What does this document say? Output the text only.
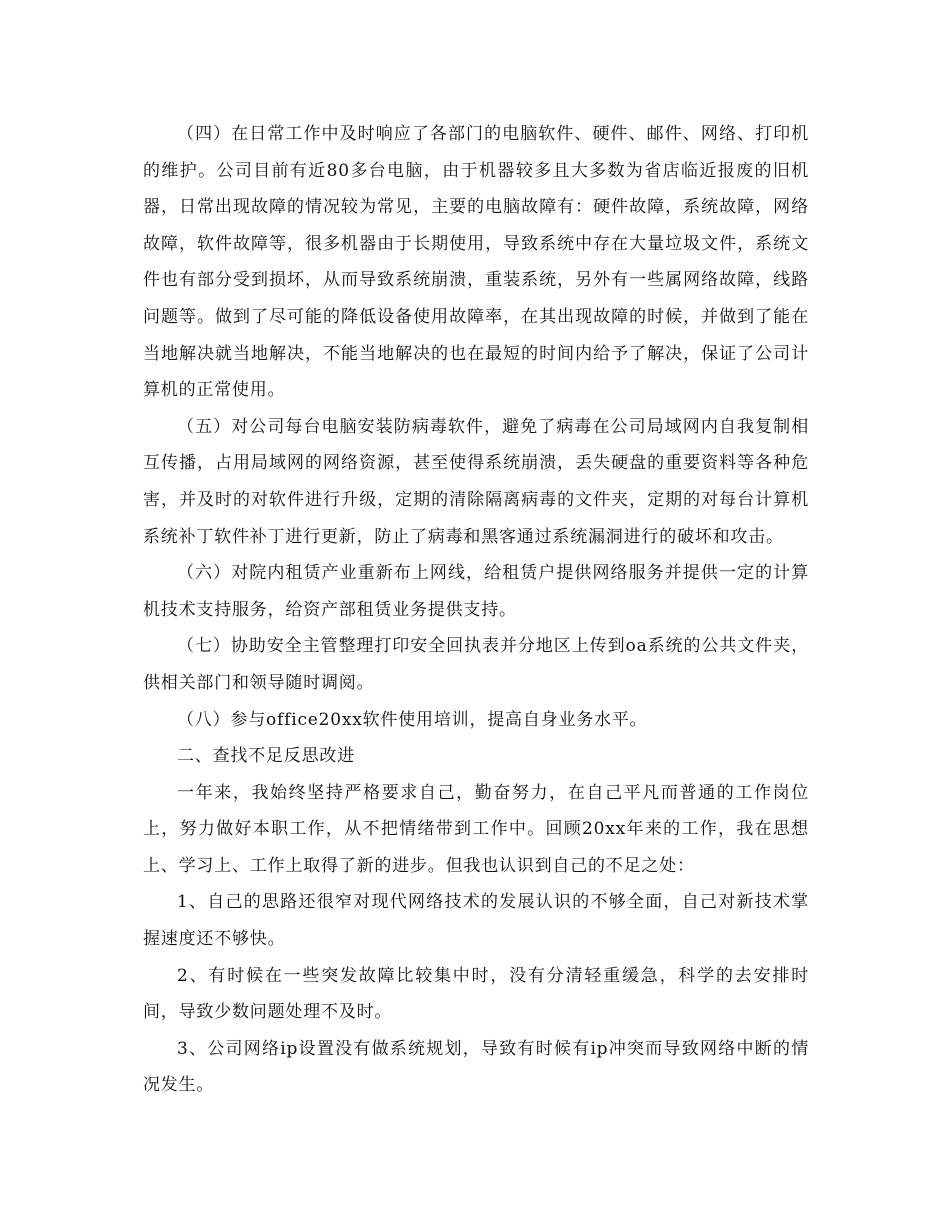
（四）在日常工作中及时响应了各部门的电脑软件、硬件、邮件、网络、打印机的维护。公司目前有近80多台电脑，由于机器较多且大多数为省店临近报废的旧机器，日常出现故障的情况较为常见，主要的电脑故障有：硬件故障，系统故障，网络故障，软件故障等，很多机器由于长期使用，导致系统中存在大量垃圾文件，系统文件也有部分受到损坏，从而导致系统崩溃，重装系统，另外有一些属网络故障，线路问题等。做到了尽可能的降低设备使用故障率，在其出现故障的时候，并做到了能在当地解决就当地解决，不能当地解决的也在最短的时间内给予了解决，保证了公司计算机的正常使用。

（五）对公司每台电脑安装防病毒软件，避免了病毒在公司局域网内自我复制相互传播，占用局域网的网络资源，甚至使得系统崩溃，丢失硬盘的重要资料等各种危害，并及时的对软件进行升级，定期的清除隔离病毒的文件夹，定期的对每台计算机系统补丁软件补丁进行更新，防止了病毒和黑客通过系统漏洞进行的破坏和攻击。

（六）对院内租赁产业重新布上网线，给租赁户提供网络服务并提供一定的计算机技术支持服务，给资产部租赁业务提供支持。

（七）协助安全主管整理打印安全回执表并分地区上传到oa系统的公共文件夹，供相关部门和领导随时调阅。

（八）参与office20xx软件使用培训，提高自身业务水平。

二、查找不足反思改进

一年来，我始终坚持严格要求自己，勤奋努力，在自己平凡而普通的工作岗位上，努力做好本职工作，从不把情绪带到工作中。回顾20xx年来的工作，我在思想上、学习上、工作上取得了新的进步。但我也认识到自己的不足之处：

1、自己的思路还很窄对现代网络技术的发展认识的不够全面，自己对新技术掌握速度还不够快。

2、有时候在一些突发故障比较集中时，没有分清轻重缓急，科学的去安排时间，导致少数问题处理不及时。

3、公司网络ip设置没有做系统规划，导致有时候有ip冲突而导致网络中断的情况发生。
